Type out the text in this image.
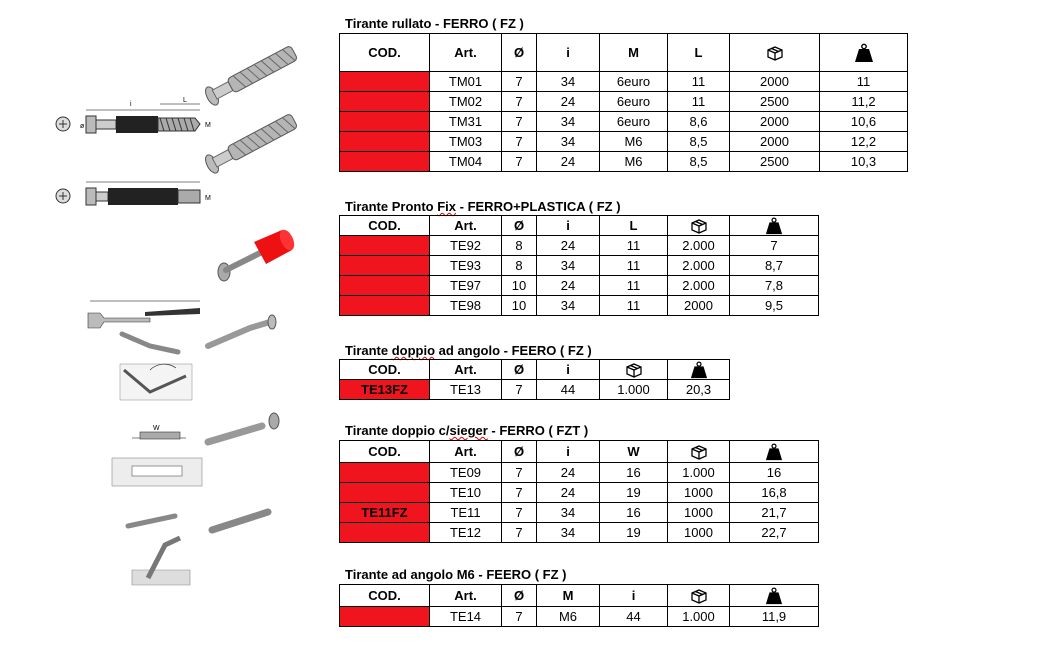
i
L
M
ø
M
W
Tirante rullato - FERRO ( FZ )
COD.	Art.	Ø	i	M	L		
	TM01	7	34	6euro	11	2000	11
	TM02	7	24	6euro	11	2500	11,2
	TM31	7	34	6euro	8,6	2000	10,6
	TM03	7	34	M6	8,5	2000	12,2
	TM04	7	24	M6	8,5	2500	10,3
Tirante Pronto Fix - FERRO+PLASTICA ( FZ )
COD.	Art.	Ø	i	L		
	TE92	8	24	11	2.000	7
	TE93	8	34	11	2.000	8,7
	TE97	10	24	11	2.000	7,8
	TE98	10	34	11	2000	9,5
Tirante doppio ad angolo - FEERO ( FZ )
COD.	Art.	Ø	i		
TE13FZ	TE13	7	44	1.000	20,3
Tirante doppio c/sieger - FERRO ( FZT )
COD.	Art.	Ø	i	W		
	TE09	7	24	16	1.000	16
	TE10	7	24	19	1000	16,8
TE11FZ	TE11	7	34	16	1000	21,7
	TE12	7	34	19	1000	22,7
Tirante ad angolo M6 - FEERO ( FZ )
COD.	Art.	Ø	M	i		
	TE14	7	M6	44	1.000	11,9
